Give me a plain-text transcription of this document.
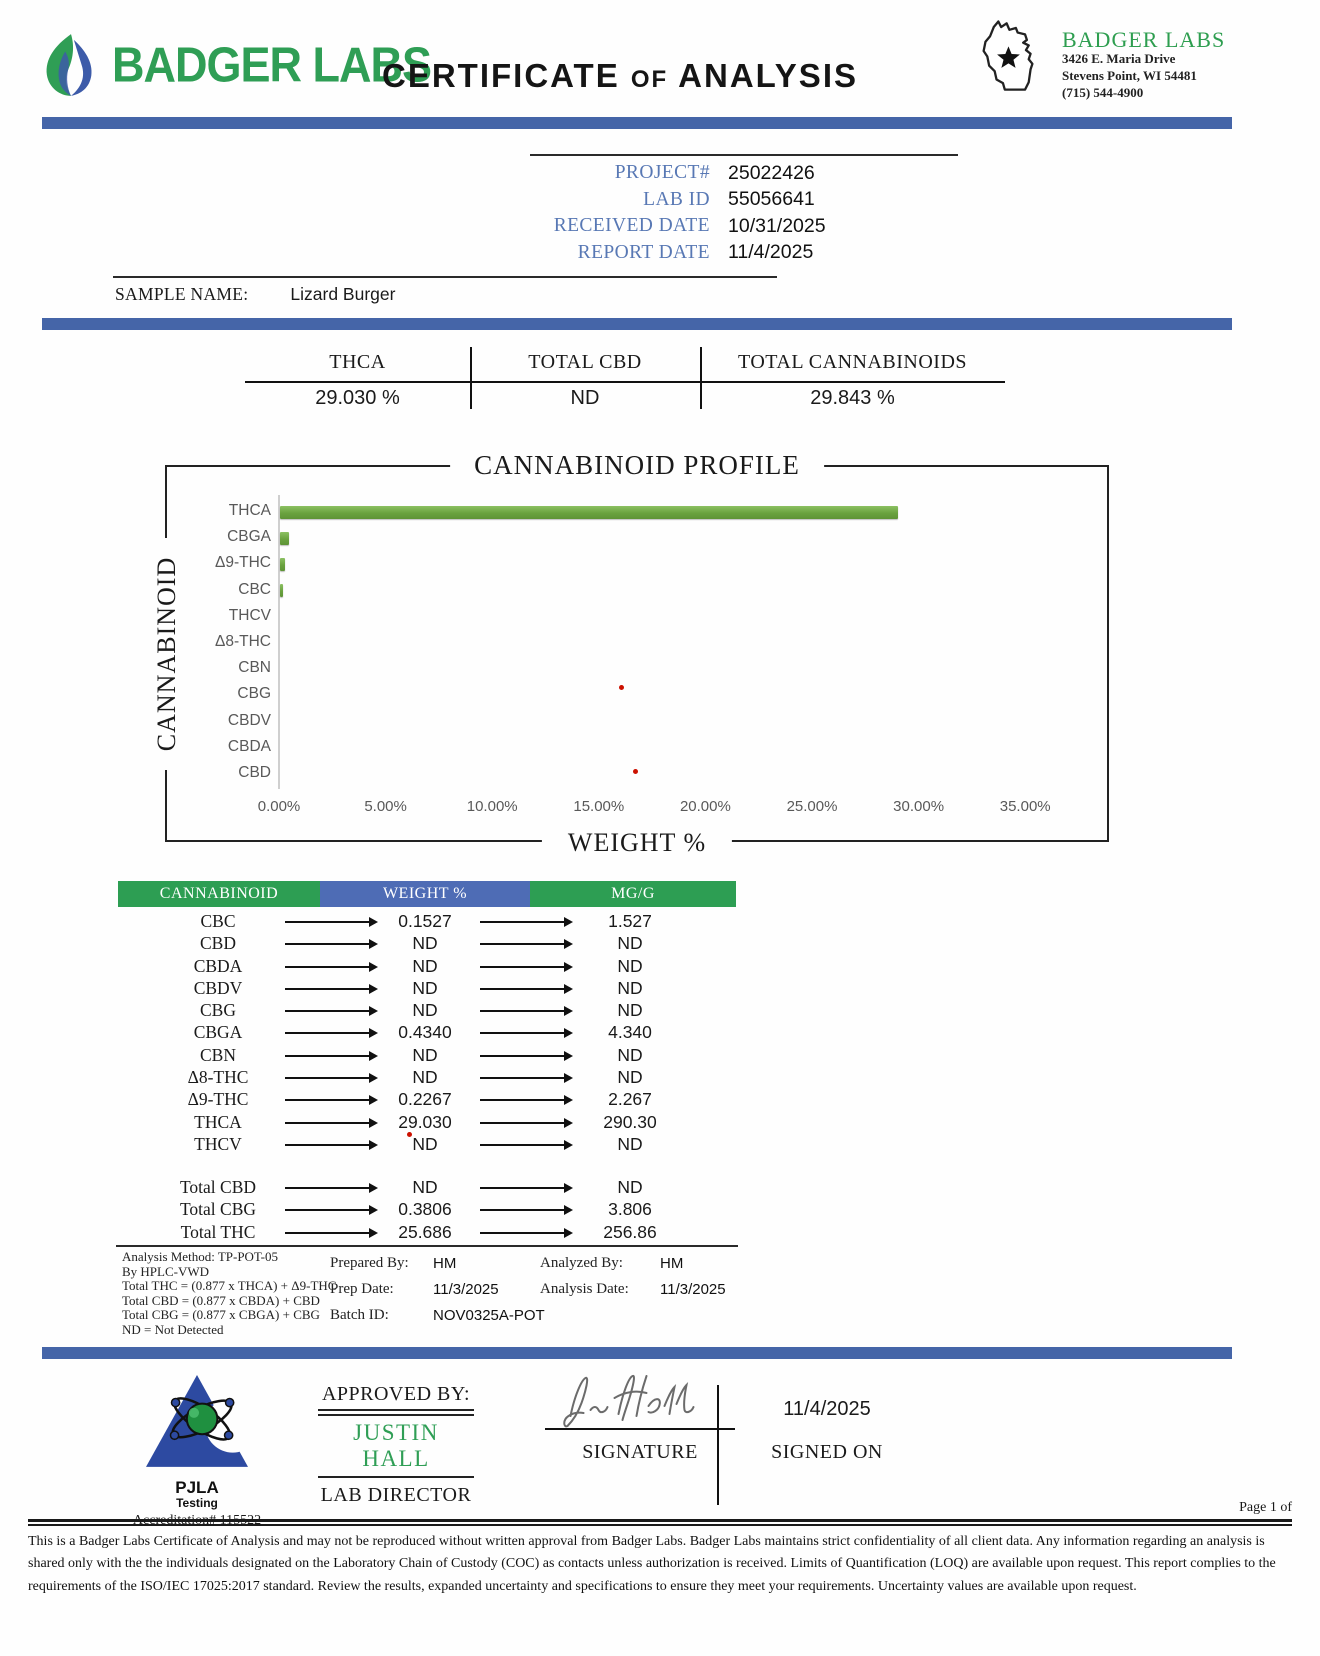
BADGER LABS
CERTIFICATE OF ANALYSIS
BADGER LABS
3426 E. Maria Drive
Stevens Point, WI 54481
(715) 544-4900
PROJECT# 25022426
LAB ID 55056641
RECEIVED DATE 10/31/2025
REPORT DATE 11/4/2025
SAMPLE NAME: Lizard Burger
THCA	TOTAL CBD	TOTAL CANNABINOIDS
29.030 %	ND	29.843 %
CANNABINOID PROFILE
CANNABINOID
THCA
CBGA
Δ9-THC
CBC
THCV
Δ8-THC
CBN
CBG
CBDV
CBDA
CBD
0.00%	5.00%	10.00%	15.00%	20.00%	25.00%	30.00%	35.00%
WEIGHT %
CANNABINOID	WEIGHT %	MG/G
CBC	0.1527	1.527
CBD	ND	ND
CBDA	ND	ND
CBDV	ND	ND
CBG	ND	ND
CBGA	0.4340	4.340
CBN	ND	ND
Δ8-THC	ND	ND
Δ9-THC	0.2267	2.267
THCA	29.030	290.30
THCV	ND	ND
Total CBD	ND	ND
Total CBG	0.3806	3.806
Total THC	25.686	256.86
Analysis Method: TP-POT-05
By HPLC-VWD
Total THC = (0.877 x THCA) + Δ9-THC
Total CBD = (0.877 x CBDA) + CBD
Total CBG = (0.877 x CBGA) + CBG
ND = Not Detected
Prepared By:	HM
Prep Date:	11/3/2025
Batch ID:	NOV0325A-POT
Analyzed By:	HM
Analysis Date:	11/3/2025
PJLA
Testing
APPROVED BY:
JUSTIN HALL
LAB DIRECTOR
SIGNATURE
11/4/2025
SIGNED ON
Page 1 of
This is a Badger Labs Certificate of Analysis and may not be reproduced without written approval from Badger Labs. Badger Labs maintains strict confidentiality of all client data. Any information regarding an analysis is shared only with the the individuals designated on the Laboratory Chain of Custody (COC) as contacts unless authorization is received. Limits of Quantification (LOQ) are available upon request. This report complies to the requirements of the ISO/IEC 17025:2017 standard. Review the results, expanded uncertainty and specifications to ensure they meet your requirements. Uncertainty values are available upon request.
